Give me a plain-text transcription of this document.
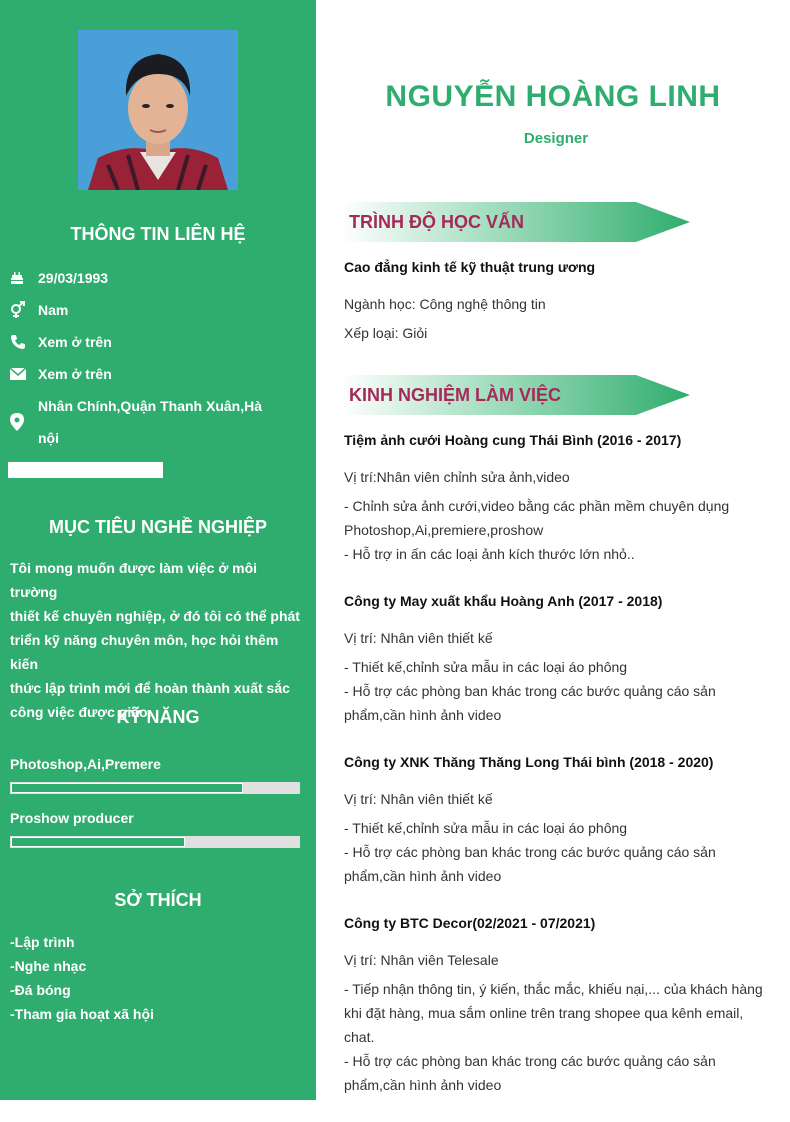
THÔNG TIN LIÊN HỆ
29/03/1993
Nam
Xem ở trên
Xem ở trên
Nhân Chính,Quận Thanh Xuân,Hà
nội
MỤC TIÊU NGHỀ NGHIỆP
Tôi mong muốn được làm việc ở môi trường
thiết kế chuyên nghiệp, ở đó tôi có thể phát
triển kỹ năng chuyên môn, học hỏi thêm kiến
thức lập trình mới để hoàn thành xuất sắc
công việc được giao.
KỸ NĂNG
Photoshop,Ai,Premere
Proshow producer
SỞ THÍCH
-Lập trình
-Nghe nhạc
-Đá bóng
-Tham gia hoạt xã hội
NGUYỄN HOÀNG LINH
Designer
TRÌNH ĐỘ HỌC VẤN
Cao đẳng kinh tế kỹ thuật trung ương
Ngành học: Công nghệ thông tin
Xếp loại: Giỏi
KINH NGHIỆM LÀM VIỆC
Tiệm ảnh cưới Hoàng cung Thái Bình (2016 - 2017)
Vị trí:Nhân viên chỉnh sửa ảnh,video
- Chỉnh sửa ảnh cưới,video bằng các phần mềm chuyên dụng
Photoshop,Ai,premiere,proshow
- Hỗ trợ in ấn các loại ảnh kích thước lớn nhỏ..
Công ty May xuất khẩu Hoàng Anh (2017 - 2018)
Vị trí: Nhân viên thiết kế
- Thiết kế,chỉnh sửa mẫu in các loại áo phông
- Hỗ trợ các phòng ban khác trong các bước quảng cáo sản
phẩm,cần hình ảnh video
Công ty XNK Thăng Thăng Long Thái bình (2018 - 2020)
Vị trí: Nhân viên thiết kế
- Thiết kế,chỉnh sửa mẫu in các loại áo phông
- Hỗ trợ các phòng ban khác trong các bước quảng cáo sản
phẩm,cần hình ảnh video
Công ty BTC Decor(02/2021 - 07/2021)
Vị trí: Nhân viên Telesale
- Tiếp nhận thông tin, ý kiến, thắc mắc, khiếu nại,... của khách hàng
khi đặt hàng, mua sắm online trên trang shopee qua kênh email,
chat.
- Hỗ trợ các phòng ban khác trong các bước quảng cáo sản
phẩm,cần hình ảnh video
